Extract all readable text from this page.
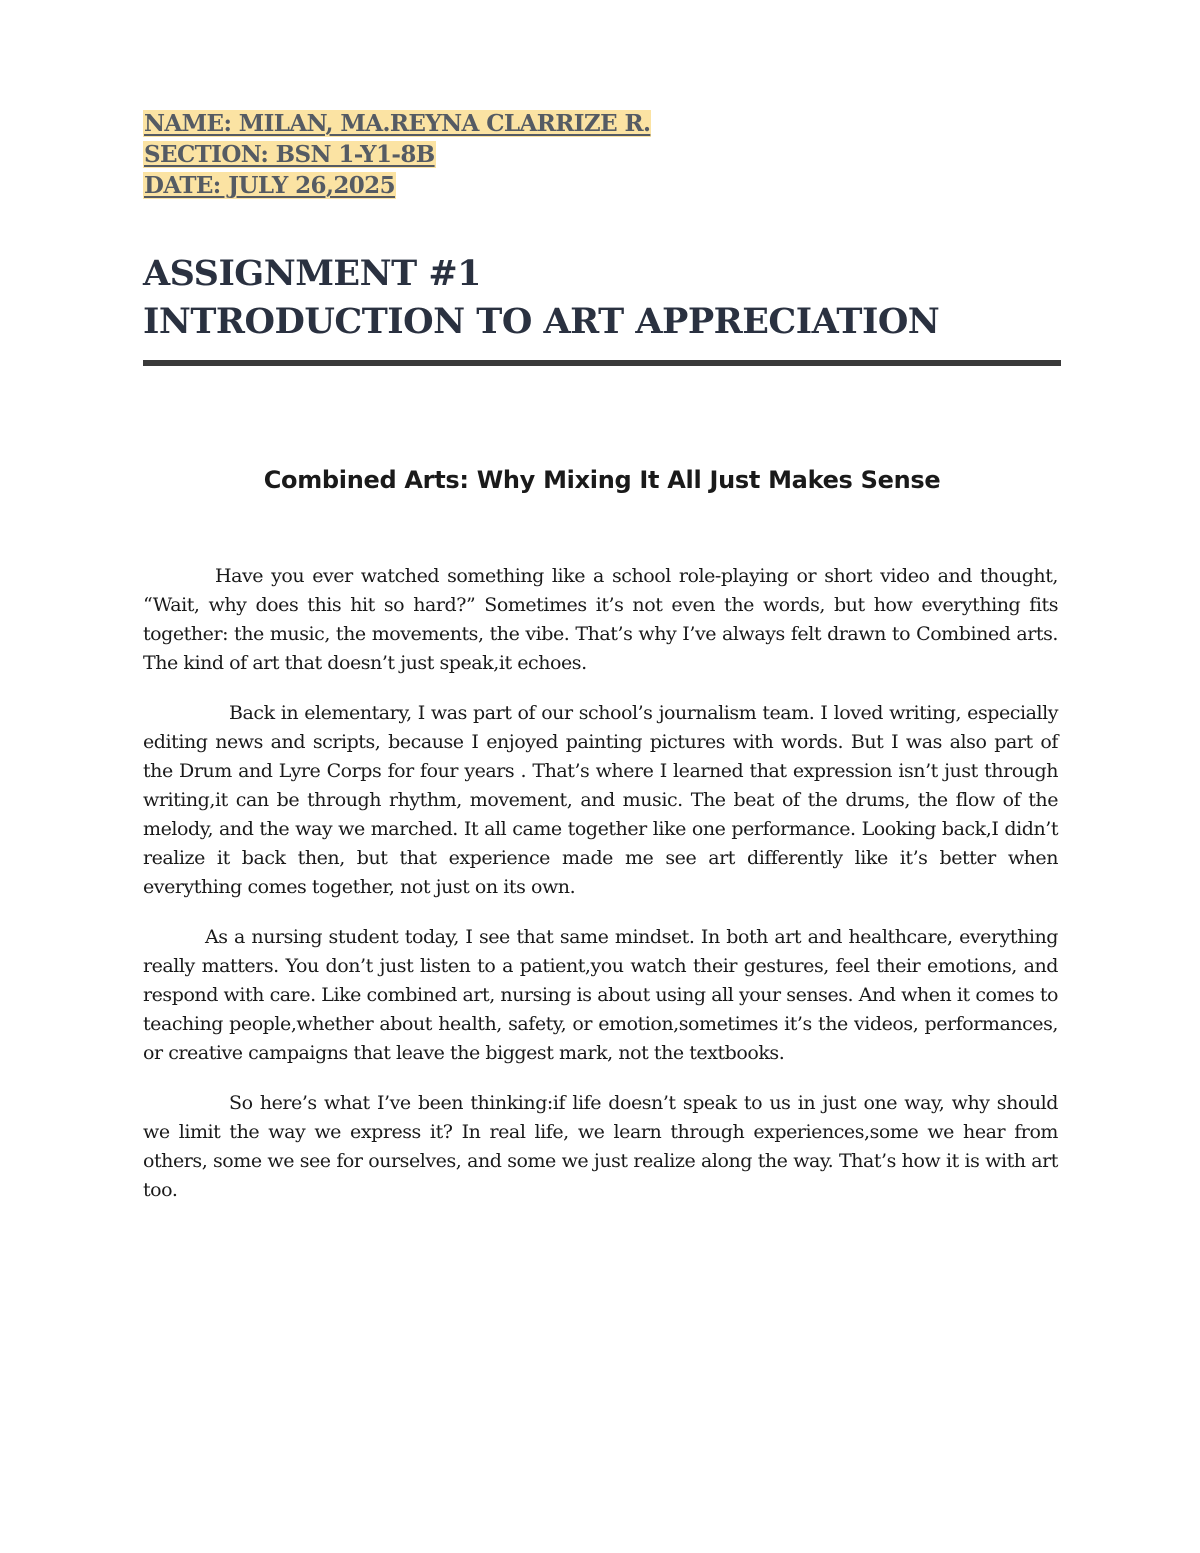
NAME: MILAN, MA.REYNA CLARRIZE R.
SECTION: BSN 1-Y1-8B
DATE: JULY 26,2025
ASSIGNMENT #1
INTRODUCTION TO ART APPRECIATION
Combined Arts: Why Mixing It All Just Makes Sense

Have you ever watched something like a school role-playing or short video and thought, “Wait, why does this hit so hard?” Sometimes it’s not even the words, but how everything fits together: the music, the movements, the vibe. That’s why I’ve always felt drawn to Combined arts. The kind of art that doesn’t just speak,it echoes.

Back in elementary, I was part of our school’s journalism team. I loved writing, especially editing news and scripts, because I enjoyed painting pictures with words. But I was also part of the Drum and Lyre Corps for four years . That’s where I learned that expression isn’t just through writing,it can be through rhythm, movement, and music. The beat of the drums, the flow of the melody, and the way we marched. It all came together like one performance. Looking back,I didn’t realize it back then, but that experience made me see art differently like it’s better when everything comes together, not just on its own.

As a nursing student today, I see that same mindset. In both art and healthcare, everything really matters. You don’t just listen to a patient,you watch their gestures, feel their emotions, and respond with care. Like combined art, nursing is about using all your senses. And when it comes to teaching people,whether about health, safety, or emotion,sometimes it’s the videos, performances, or creative campaigns that leave the biggest mark, not the textbooks.

So here’s what I’ve been thinking:if life doesn’t speak to us in just one way, why should we limit the way we express it? In real life, we learn through experiences,some we hear from others, some we see for ourselves, and some we just realize along the way. That’s how it is with art too.
